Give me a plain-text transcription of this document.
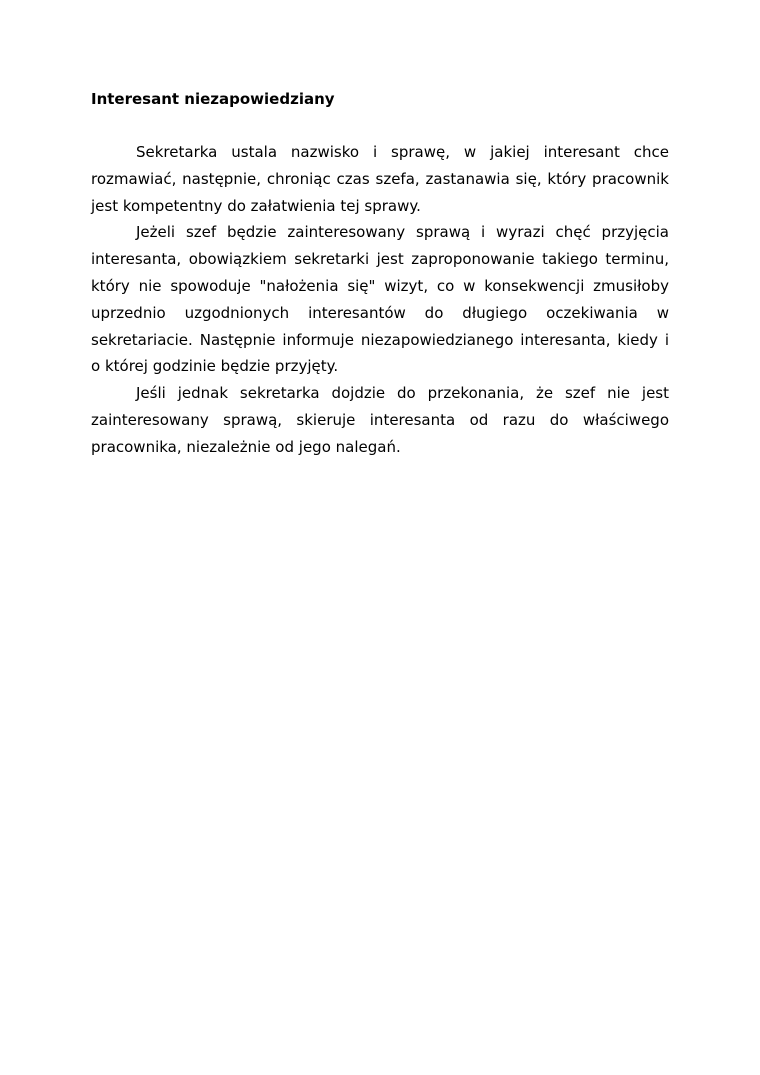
Interesant niezapowiedziany

Sekretarka ustala nazwisko i sprawę, w jakiej interesant chce rozmawiać, następnie, chroniąc czas szefa, zastanawia się, który pracownik jest kompetentny do załatwienia tej sprawy.

Jeżeli szef będzie zainteresowany sprawą i wyrazi chęć przyjęcia interesanta, obowiązkiem sekretarki jest zaproponowanie takiego terminu, który nie spowoduje "nałożenia się" wizyt, co w konsekwencji zmusiłoby uprzednio uzgodnionych interesantów do długiego oczekiwania w sekretariacie. Następnie informuje niezapowiedzianego interesanta, kiedy i o której godzinie będzie przyjęty.

Jeśli jednak sekretarka dojdzie do przekonania, że szef nie jest zainteresowany sprawą, skieruje interesanta od razu do właściwego pracownika, niezależnie od jego nalegań.
